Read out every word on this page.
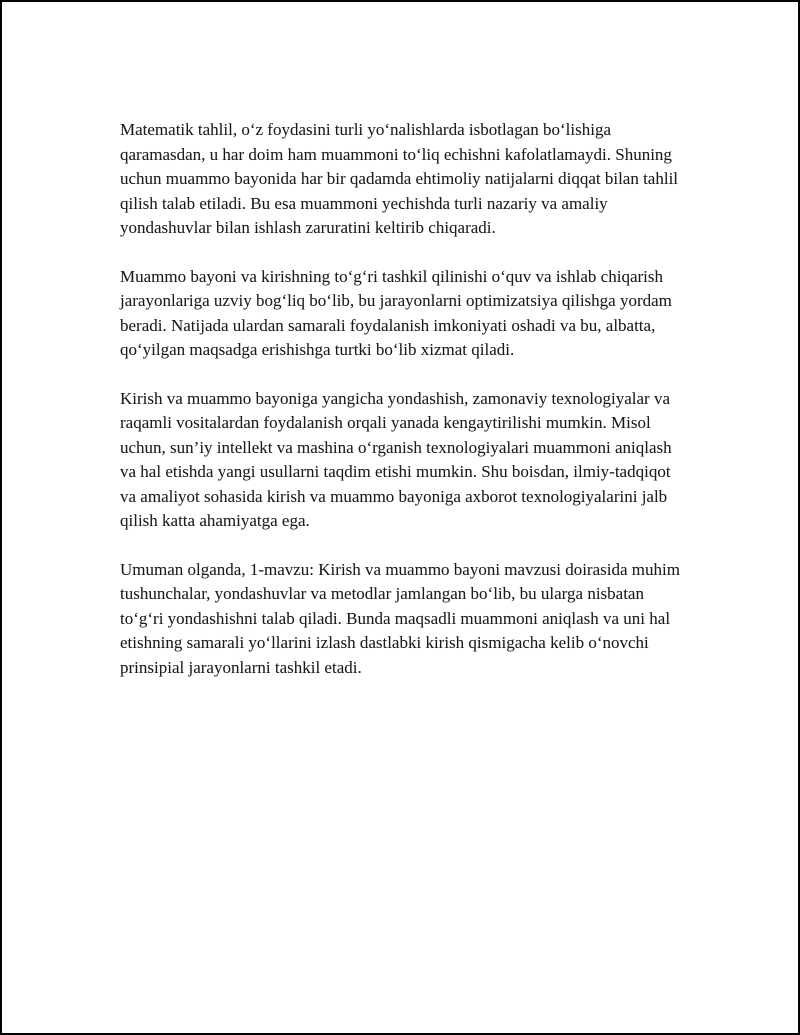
Matematik tahlil, o‘z foydasini turli yo‘nalishlarda isbotlagan bo‘lishiga qaramasdan, u har doim ham muammoni to‘liq echishni kafolatlamaydi. Shuning uchun muammo bayonida har bir qadamda ehtimoliy natijalarni diqqat bilan tahlil qilish talab etiladi. Bu esa muammoni yechishda turli nazariy va amaliy yondashuvlar bilan ishlash zaruratini keltirib chiqaradi.

Muammo bayoni va kirishning to‘g‘ri tashkil qilinishi o‘quv va ishlab chiqarish jarayonlariga uzviy bog‘liq bo‘lib, bu jarayonlarni optimizatsiya qilishga yordam beradi. Natijada ulardan samarali foydalanish imkoniyati oshadi va bu, albatta, qo‘yilgan maqsadga erishishga turtki bo‘lib xizmat qiladi.

Kirish va muammo bayoniga yangicha yondashish, zamonaviy texnologiyalar va raqamli vositalardan foydalanish orqali yanada kengaytirilishi mumkin. Misol uchun, sun’iy intellekt va mashina o‘rganish texnologiyalari muammoni aniqlash va hal etishda yangi usullarni taqdim etishi mumkin. Shu boisdan, ilmiy-tadqiqot va amaliyot sohasida kirish va muammo bayoniga axborot texnologiyalarini jalb qilish katta ahamiyatga ega.

Umuman olganda, 1-mavzu: Kirish va muammo bayoni mavzusi doirasida muhim tushunchalar, yondashuvlar va metodlar jamlangan bo‘lib, bu ularga nisbatan to‘g‘ri yondashishni talab qiladi. Bunda maqsadli muammoni aniqlash va uni hal etishning samarali yo‘llarini izlash dastlabki kirish qismigacha kelib o‘novchi prinsipial jarayonlarni tashkil etadi.
